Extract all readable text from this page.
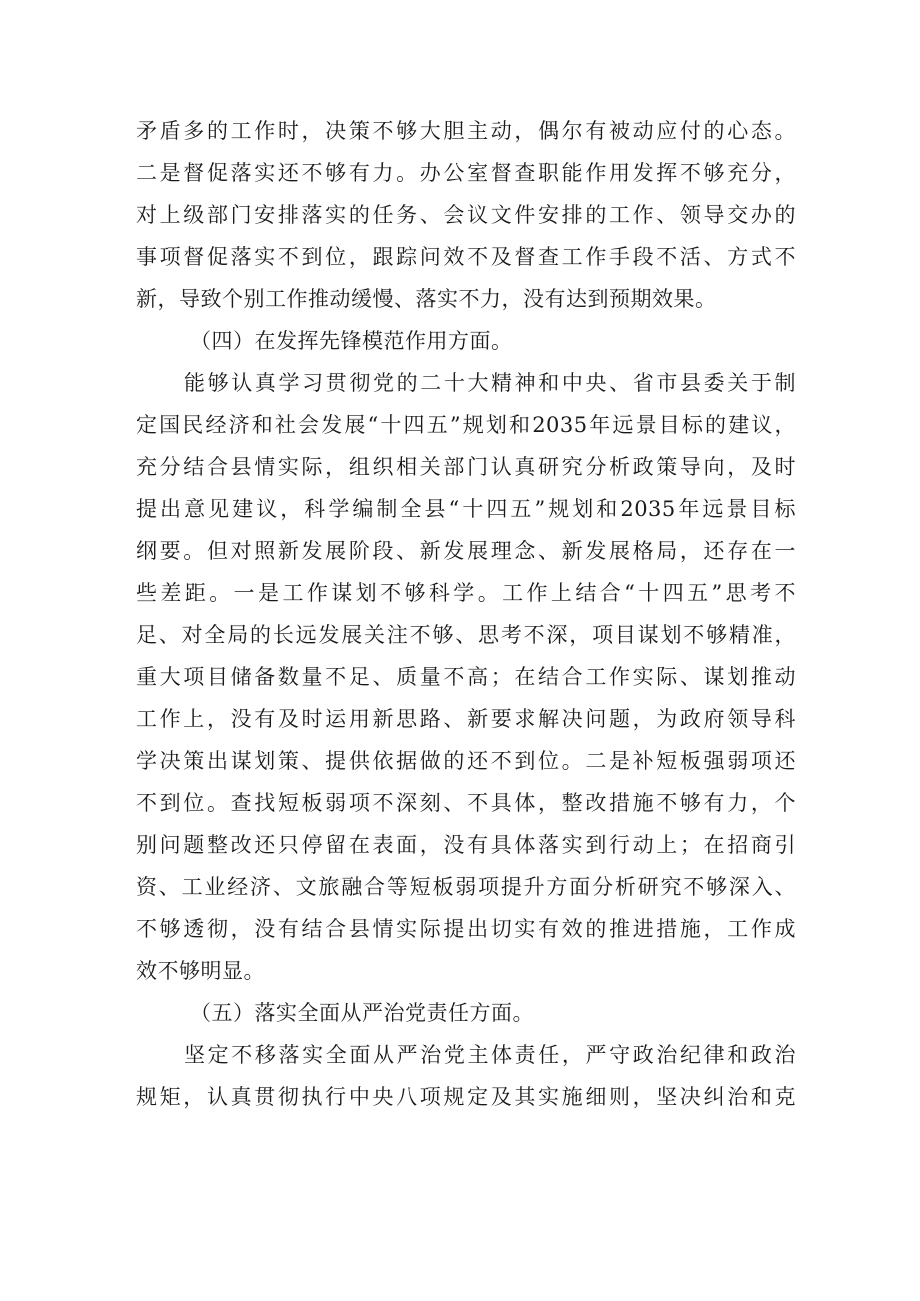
矛盾多的工作时，决策不够大胆主动，偶尔有被动应付的心态。
二是督促落实还不够有力。办公室督查职能作用发挥不够充分，
对上级部门安排落实的任务、会议文件安排的工作、领导交办的
事项督促落实不到位，跟踪问效不及督查工作手段不活、方式不
新，导致个别工作推动缓慢、落实不力，没有达到预期效果。
（四）在发挥先锋模范作用方面。
能够认真学习贯彻党的二十大精神和中央、省市县委关于制
定国民经济和社会发展“十四五”规划和2035年远景目标的建议，
充分结合县情实际，组织相关部门认真研究分析政策导向，及时
提出意见建议，科学编制全县“十四五”规划和2035年远景目标
纲要。但对照新发展阶段、新发展理念、新发展格局，还存在一
些差距。一是工作谋划不够科学。工作上结合“十四五”思考不
足、对全局的长远发展关注不够、思考不深，项目谋划不够精准，
重大项目储备数量不足、质量不高；在结合工作实际、谋划推动
工作上，没有及时运用新思路、新要求解决问题，为政府领导科
学决策出谋划策、提供依据做的还不到位。二是补短板强弱项还
不到位。查找短板弱项不深刻、不具体，整改措施不够有力，个
别问题整改还只停留在表面，没有具体落实到行动上；在招商引
资、工业经济、文旅融合等短板弱项提升方面分析研究不够深入、
不够透彻，没有结合县情实际提出切实有效的推进措施，工作成
效不够明显。
（五）落实全面从严治党责任方面。
坚定不移落实全面从严治党主体责任，严守政治纪律和政治
规矩，认真贯彻执行中央八项规定及其实施细则，坚决纠治和克
